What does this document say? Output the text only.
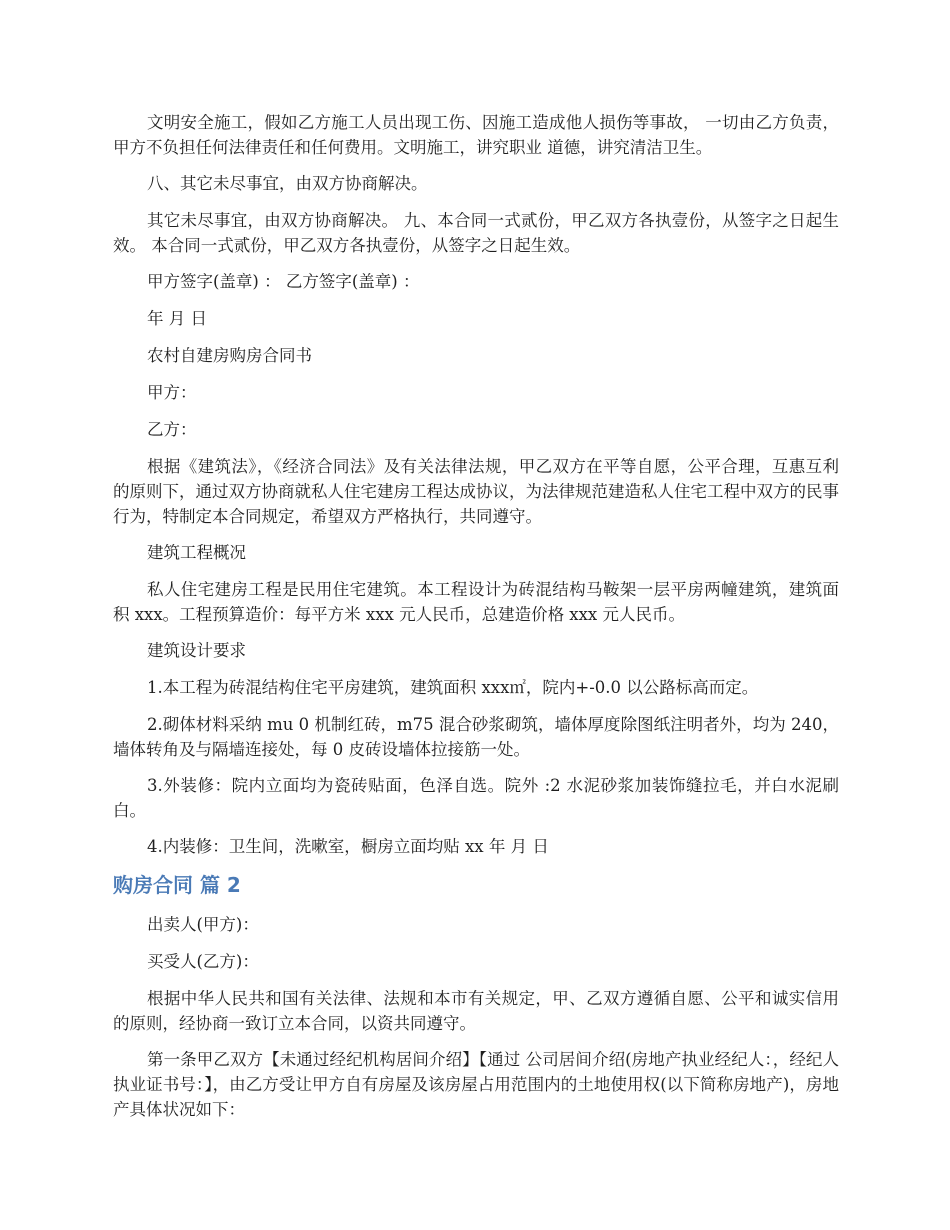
文明安全施工，假如乙方施工人员出现工伤、因施工造成他人损伤等事故， 一切由乙方负责，甲方不负担任何法律责任和任何费用。文明施工，讲究职业 道德，讲究清洁卫生。

八、其它未尽事宜，由双方协商解决。

其它未尽事宜，由双方协商解决。 九、本合同一式贰份，甲乙双方各执壹份，从签字之日起生效。 本合同一式贰份，甲乙双方各执壹份，从签字之日起生效。

甲方签字(盖章) ： 乙方签字(盖章) ：

年 月 日

农村自建房购房合同书

甲方：

乙方：

根据《建筑法》，《经济合同法》及有关法律法规，甲乙双方在平等自愿，公平合理，互惠互利的原则下，通过双方协商就私人住宅建房工程达成协议，为法律规范建造私人住宅工程中双方的民事行为，特制定本合同规定，希望双方严格执行，共同遵守。

建筑工程概况

私人住宅建房工程是民用住宅建筑。本工程设计为砖混结构马鞍架一层平房两幢建筑，建筑面积 xxx。工程预算造价：每平方米 xxx 元人民币，总建造价格 xxx 元人民币。

建筑设计要求

1.本工程为砖混结构住宅平房建筑，建筑面积 xxx㎡，院内+-0.0 以公路标高而定。

2.砌体材料采纳 mu 0 机制红砖，m75 混合砂浆砌筑，墙体厚度除图纸注明者外，均为 240，墙体转角及与隔墙连接处，每 0 皮砖设墙体拉接筋一处。

3.外装修：院内立面均为瓷砖贴面，色泽自选。院外 :2 水泥砂浆加装饰缝拉毛，并白水泥刷白。

4.内装修：卫生间，洗嗽室，橱房立面均贴 xx 年 月 日

购房合同 篇 2

出卖人(甲方)：

买受人(乙方)：

根据中华人民共和国有关法律、法规和本市有关规定，甲、乙双方遵循自愿、公平和诚实信用的原则，经协商一致订立本合同，以资共同遵守。

第一条甲乙双方【未通过经纪机构居间介绍】【通过 公司居间介绍(房地产执业经纪人：，经纪人执业证书号：】，由乙方受让甲方自有房屋及该房屋占用范围内的土地使用权(以下简称房地产)，房地产具体状况如下：
